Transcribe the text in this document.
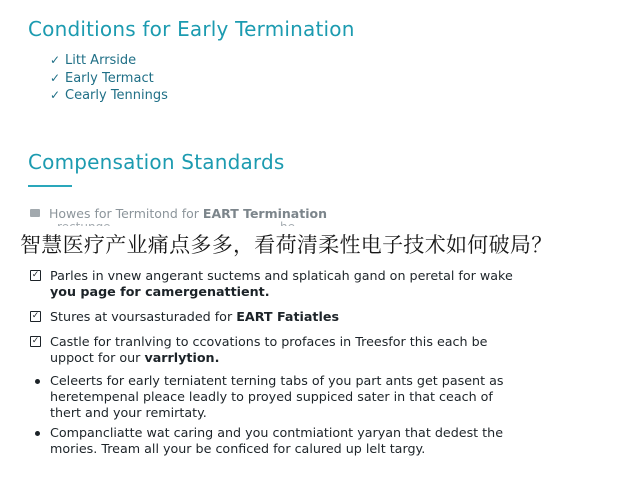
Conditions for Early Termination
✓ Litt Arrside
✓ Early Termact
✓ Cearly Tennings
Compensation Standards
Howes for Termitond for EART Termination
智慧医疗产业痛点多多，看荷清柔性电子技术如何破局？
✓ Parles in vnew angerant suctems and splaticah gand on peretal for wake
you page for camergenattient.
✓ Stures at voursasturaded for EART Fatiatles
✓ Castle for tranlving to ccovations to profaces in Treesfor this each be
uppoct for our varrlytion.
Celeerts for early terniatent terning tabs of you part ants get pasent as
heretempenal pleace leadly to proyed suppiced sater in that ceach of
thert and your remirtaty.
Compancliatte wat caring and you contmiationt yaryan that dedest the
mories. Tream all your be conficed for calured up lelt targy.
